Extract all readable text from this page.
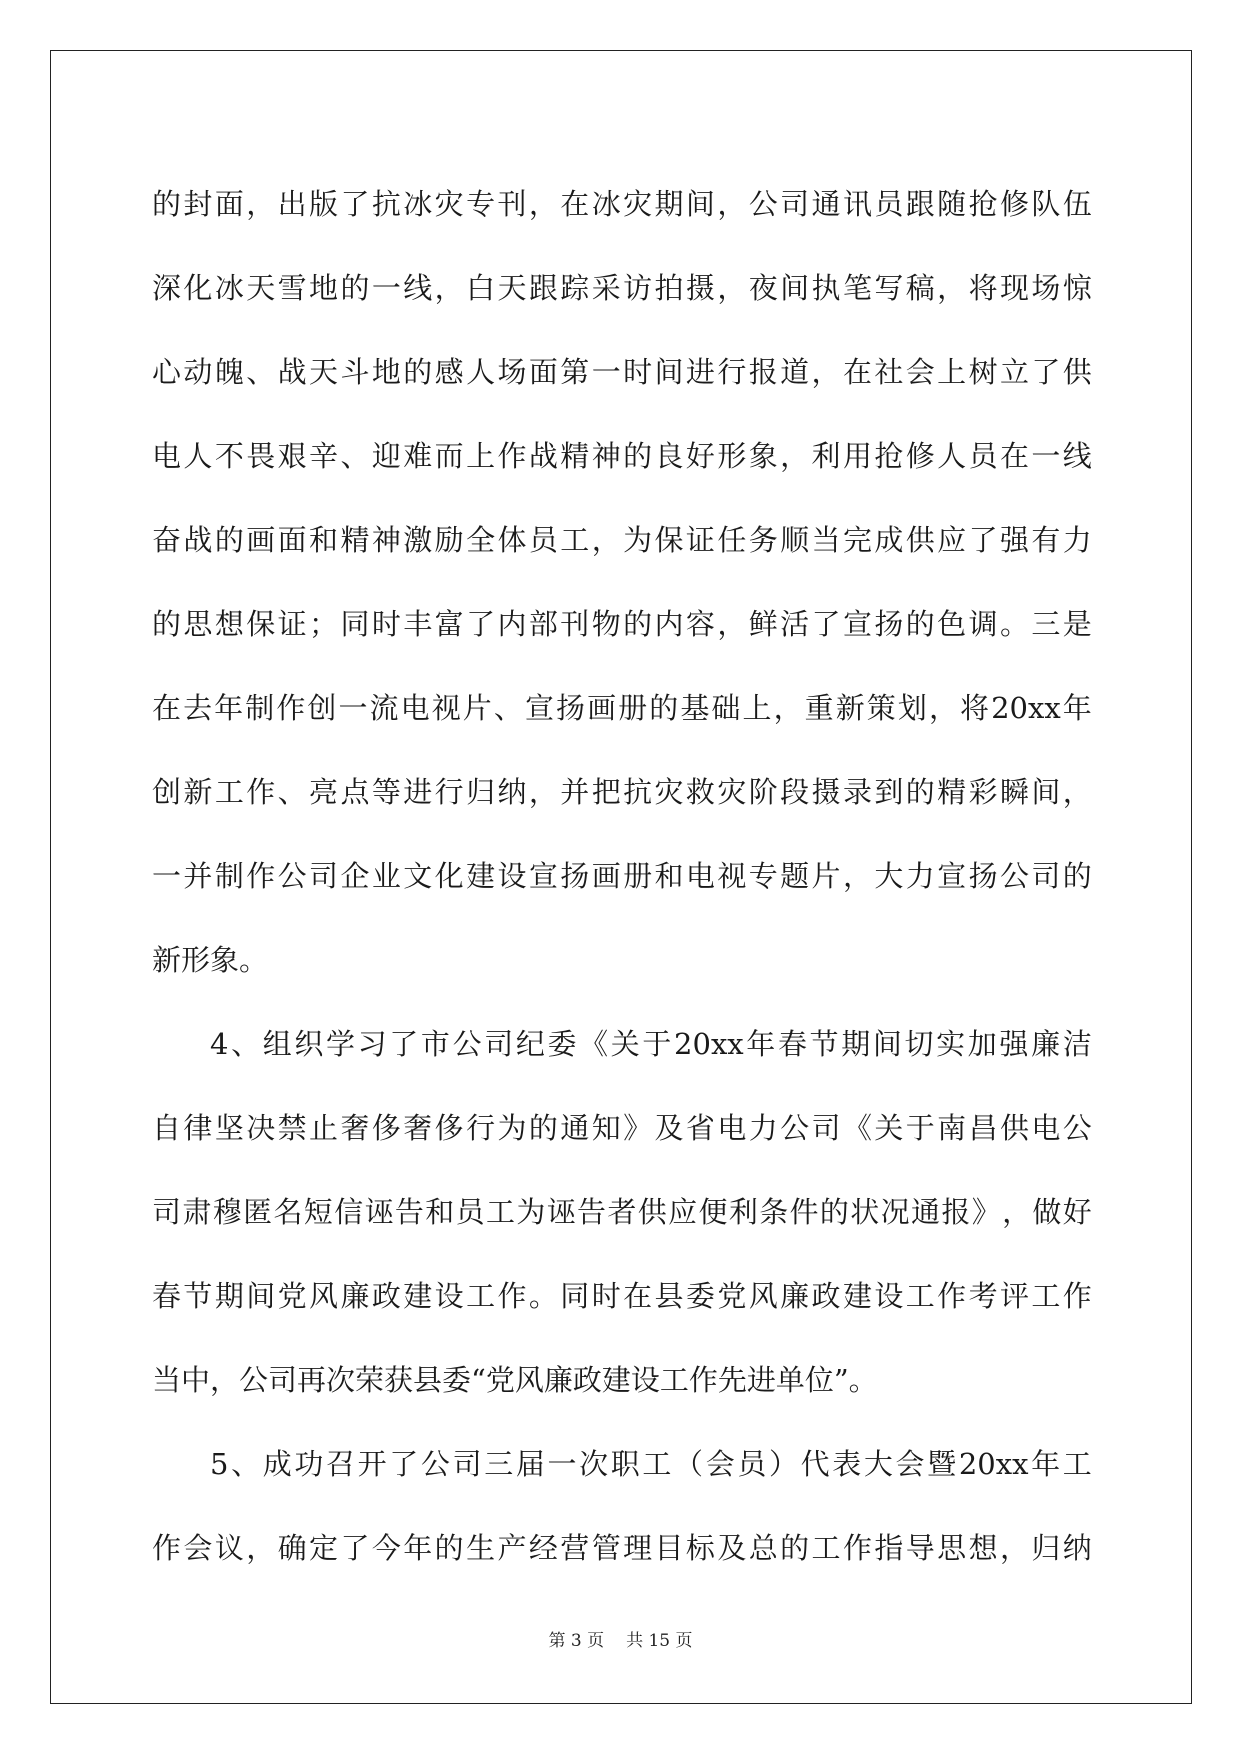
的 封 面 ， 出 版 了 抗 冰 灾 专 刊 ， 在 冰 灾 期 间 ， 公 司 通 讯 员 跟 随 抢 修 队 伍
深 化 冰 天 雪 地 的 一 线 ， 白 天 跟 踪 采 访 拍 摄 ， 夜 间 执 笔 写 稿 ， 将 现 场 惊
心 动 魄 、 战 天 斗 地 的 感 人 场 面 第 一 时 间 进 行 报 道 ， 在 社 会 上 树 立 了 供
电 人 不 畏 艰 辛 、 迎 难 而 上 作 战 精 神 的 良 好 形 象 ， 利 用 抢 修 人 员 在 一 线
奋 战 的 画 面 和 精 神 激 励 全 体 员 工 ， 为 保 证 任 务 顺 当 完 成 供 应 了 强 有 力
的 思 想 保 证 ； 同 时 丰 富 了 内 部 刊 物 的 内 容 ， 鲜 活 了 宣 扬 的 色 调 。 三 是
在 去 年 制 作 创 一 流 电 视 片 、 宣 扬 画 册 的 基 础 上 ， 重 新 策 划 ， 将 20xx 年
创 新 工 作 、 亮 点 等 进 行 归 纳 ， 并 把 抗 灾 救 灾 阶 段 摄 录 到 的 精 彩 瞬 间 ，
一 并 制 作 公 司 企 业 文 化 建 设 宣 扬 画 册 和 电 视 专 题 片 ， 大 力 宣 扬 公 司 的
新形象。
4 、 组 织 学 习 了 市 公 司 纪 委 《 关 于 20xx 年 春 节 期 间 切 实 加 强 廉 洁
自 律 坚 决 禁 止 奢 侈 奢 侈 行 为 的 通 知 》 及 省 电 力 公 司 《 关 于 南 昌 供 电 公
司 肃 穆 匿 名 短 信 诬 告 和 员 工 为 诬 告 者 供 应 便 利 条 件 的 状 况 通 报 》 ， 做 好
春 节 期 间 党 风 廉 政 建 设 工 作 。 同 时 在 县 委 党 风 廉 政 建 设 工 作 考 评 工 作
当中，公司再次荣获县委“党风廉政建设工作先进单位”。
5 、 成 功 召 开 了 公 司 三 届 一 次 职 工 （ 会 员 ） 代 表 大 会 暨 20xx 年 工
作 会 议 ， 确 定 了 今 年 的 生 产 经 营 管 理 目 标 及 总 的 工 作 指 导 思 想 ， 归 纳
第 3 页 共 15 页
